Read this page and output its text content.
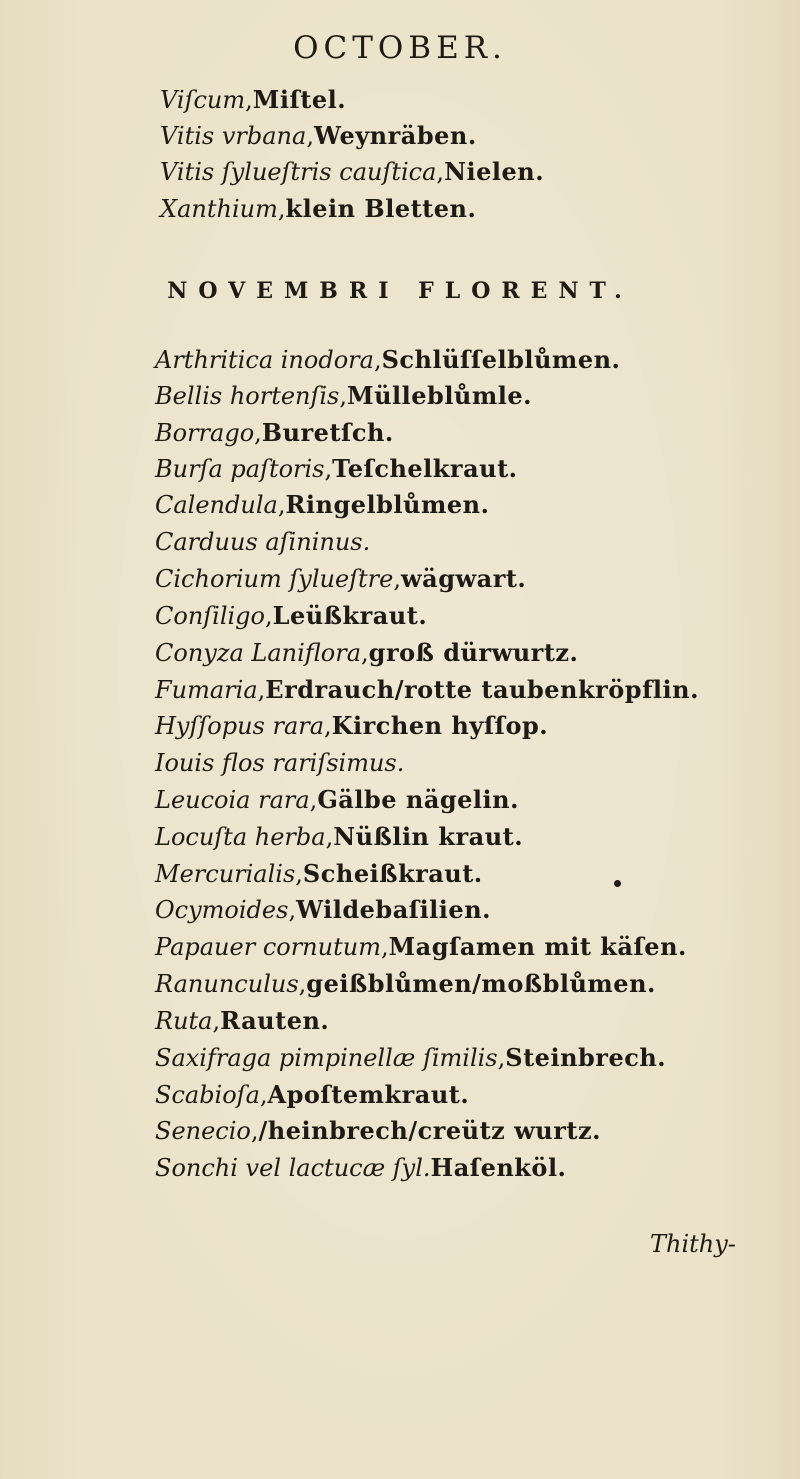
OCTOBER.
Viſcum,Miſtel.
Vitis vrbana,Weynräben.
Vitis ſylueſtris cauſtica,Nielen.
Xanthium,klein Bletten.
NOVEMBRI FLORENT.
Arthritica inodora,Schlüſſelblůmen.
Bellis hortenſis,Mülleblůmle.
Borrago,Buretſch.
Burſa paſtoris,Teſchelkraut.
Calendula,Ringelblůmen.
Carduus aſininus.
Cichorium ſylueſtre,wägwart.
Conſiligo,Leüßkraut.
Conyza Laniflora,groß dürwurtz.
Fumaria,Erdrauch/rotte taubenkröpflin.
Hyſſopus rara,Kirchen hyſſop.
Iouis flos rariſsimus.
Leucoia rara,Gälbe nägelin.
Locuſta herba,Nüßlin kraut.
Mercurialis,Scheißkraut.
Ocymoides,Wildebaſilien.
Papauer cornutum,Magſamen mit käſen.
Ranunculus,geißblůmen/moßblůmen.
Ruta,Rauten.
Saxifraga pimpinellæ ſimilis,Steinbrech.
Scabioſa,Apoſtemkraut.
Senecio,/heinbrech/creütz wurtz.
Sonchi vel lactucæ ſyl.Haſenköl.
Thithy-
